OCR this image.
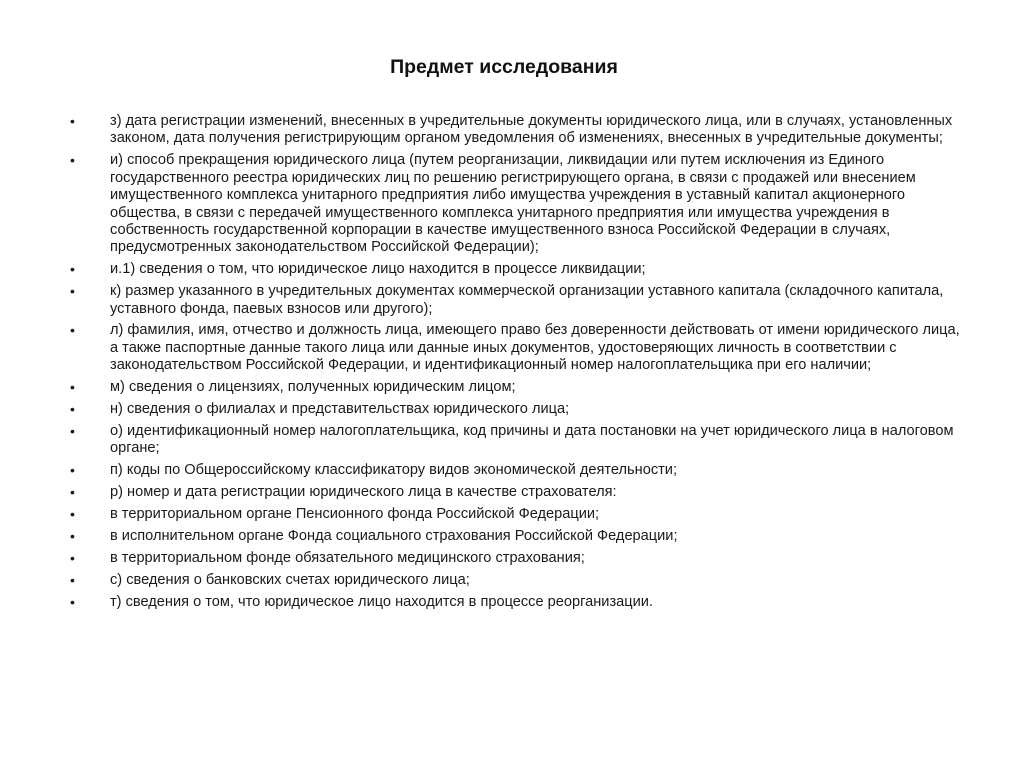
Предмет исследования
• з) дата регистрации изменений, внесенных в учредительные документы юридического лица, или в случаях, установленных законом, дата получения регистрирующим органом уведомления об изменениях, внесенных в учредительные документы;
• и) способ прекращения юридического лица (путем реорганизации, ликвидации или путем исключения из Единого государственного реестра юридических лиц по решению регистрирующего органа, в связи с продажей или внесением имущественного комплекса унитарного предприятия либо имущества учреждения в уставный капитал акционерного общества, в связи с передачей имущественного комплекса унитарного предприятия или имущества учреждения в собственность государственной корпорации в качестве имущественного взноса Российской Федерации в случаях, предусмотренных законодательством Российской Федерации);
• и.1) сведения о том, что юридическое лицо находится в процессе ликвидации;
• к) размер указанного в учредительных документах коммерческой организации уставного капитала (складочного капитала, уставного фонда, паевых взносов или другого);
• л) фамилия, имя, отчество и должность лица, имеющего право без доверенности действовать от имени юридического лица, а также паспортные данные такого лица или данные иных документов, удостоверяющих личность в соответствии с законодательством Российской Федерации, и идентификационный номер налогоплательщика при его наличии;
• м) сведения о лицензиях, полученных юридическим лицом;
• н) сведения о филиалах и представительствах юридического лица;
• о) идентификационный номер налогоплательщика, код причины и дата постановки на учет юридического лица в налоговом органе;
• п) коды по Общероссийскому классификатору видов экономической деятельности;
• р) номер и дата регистрации юридического лица в качестве страхователя:
• в территориальном органе Пенсионного фонда Российской Федерации;
• в исполнительном органе Фонда социального страхования Российской Федерации;
• в территориальном фонде обязательного медицинского страхования;
• с) сведения о банковских счетах юридического лица;
• т) сведения о том, что юридическое лицо находится в процессе реорганизации.
